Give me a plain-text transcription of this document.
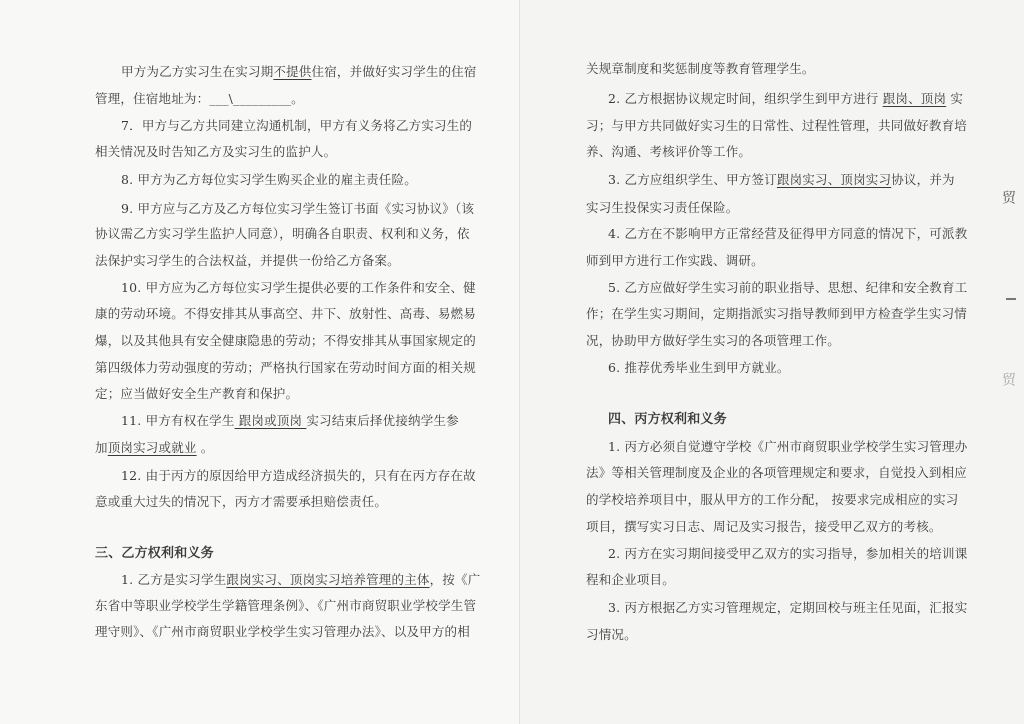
甲方为乙方实习生在实习期不提供住宿，并做好实习学生的住宿
管理，住宿地址为：___\_________。
7．甲方与乙方共同建立沟通机制，甲方有义务将乙方实习生的
相关情况及时告知乙方及实习生的监护人。
8. 甲方为乙方每位实习学生购买企业的雇主责任险。
9. 甲方应与乙方及乙方每位实习学生签订书面《实习协议》（该
协议需乙方实习学生监护人同意），明确各自职责、权利和义务，依
法保护实习学生的合法权益，并提供一份给乙方备案。
10. 甲方应为乙方每位实习学生提供必要的工作条件和安全、健
康的劳动环境。不得安排其从事高空、井下、放射性、高毒、易燃易
爆，以及其他具有安全健康隐患的劳动；不得安排其从事国家规定的
第四级体力劳动强度的劳动；严格执行国家在劳动时间方面的相关规
定；应当做好安全生产教育和保护。
11. 甲方有权在学生 跟岗或顶岗 实习结束后择优接纳学生参
加顶岗实习或就业 。
12. 由于丙方的原因给甲方造成经济损失的，只有在丙方存在故
意或重大过失的情况下，丙方才需要承担赔偿责任。
三、乙方权利和义务
1. 乙方是实习学生跟岗实习、顶岗实习培养管理的主体，按《广
东省中等职业学校学生学籍管理条例》、《广州市商贸职业学校学生管
理守则》、《广州市商贸职业学校学生实习管理办法》、以及甲方的相
关规章制度和奖惩制度等教育管理学生。
2. 乙方根据协议规定时间，组织学生到甲方进行 跟岗、顶岗 实
习；与甲方共同做好实习生的日常性、过程性管理，共同做好教育培
养、沟通、考核评价等工作。
3. 乙方应组织学生、甲方签订跟岗实习、顶岗实习协议，并为
实习生投保实习责任保险。
4. 乙方在不影响甲方正常经营及征得甲方同意的情况下，可派教
师到甲方进行工作实践、调研。
5. 乙方应做好学生实习前的职业指导、思想、纪律和安全教育工
作；在学生实习期间，定期指派实习指导教师到甲方检查学生实习情
况，协助甲方做好学生实习的各项管理工作。
6. 推荐优秀毕业生到甲方就业。
四、丙方权利和义务
1. 丙方必须自觉遵守学校《广州市商贸职业学校学生实习管理办
法》等相关管理制度及企业的各项管理规定和要求，自觉投入到相应
的学校培养项目中，服从甲方的工作分配， 按要求完成相应的实习
项目，撰写实习日志、周记及实习报告，接受甲乙双方的考核。
2. 丙方在实习期间接受甲乙双方的实习指导，参加相关的培训课
程和企业项目。
3. 丙方根据乙方实习管理规定，定期回校与班主任见面，汇报实
习情况。
贸
贸
